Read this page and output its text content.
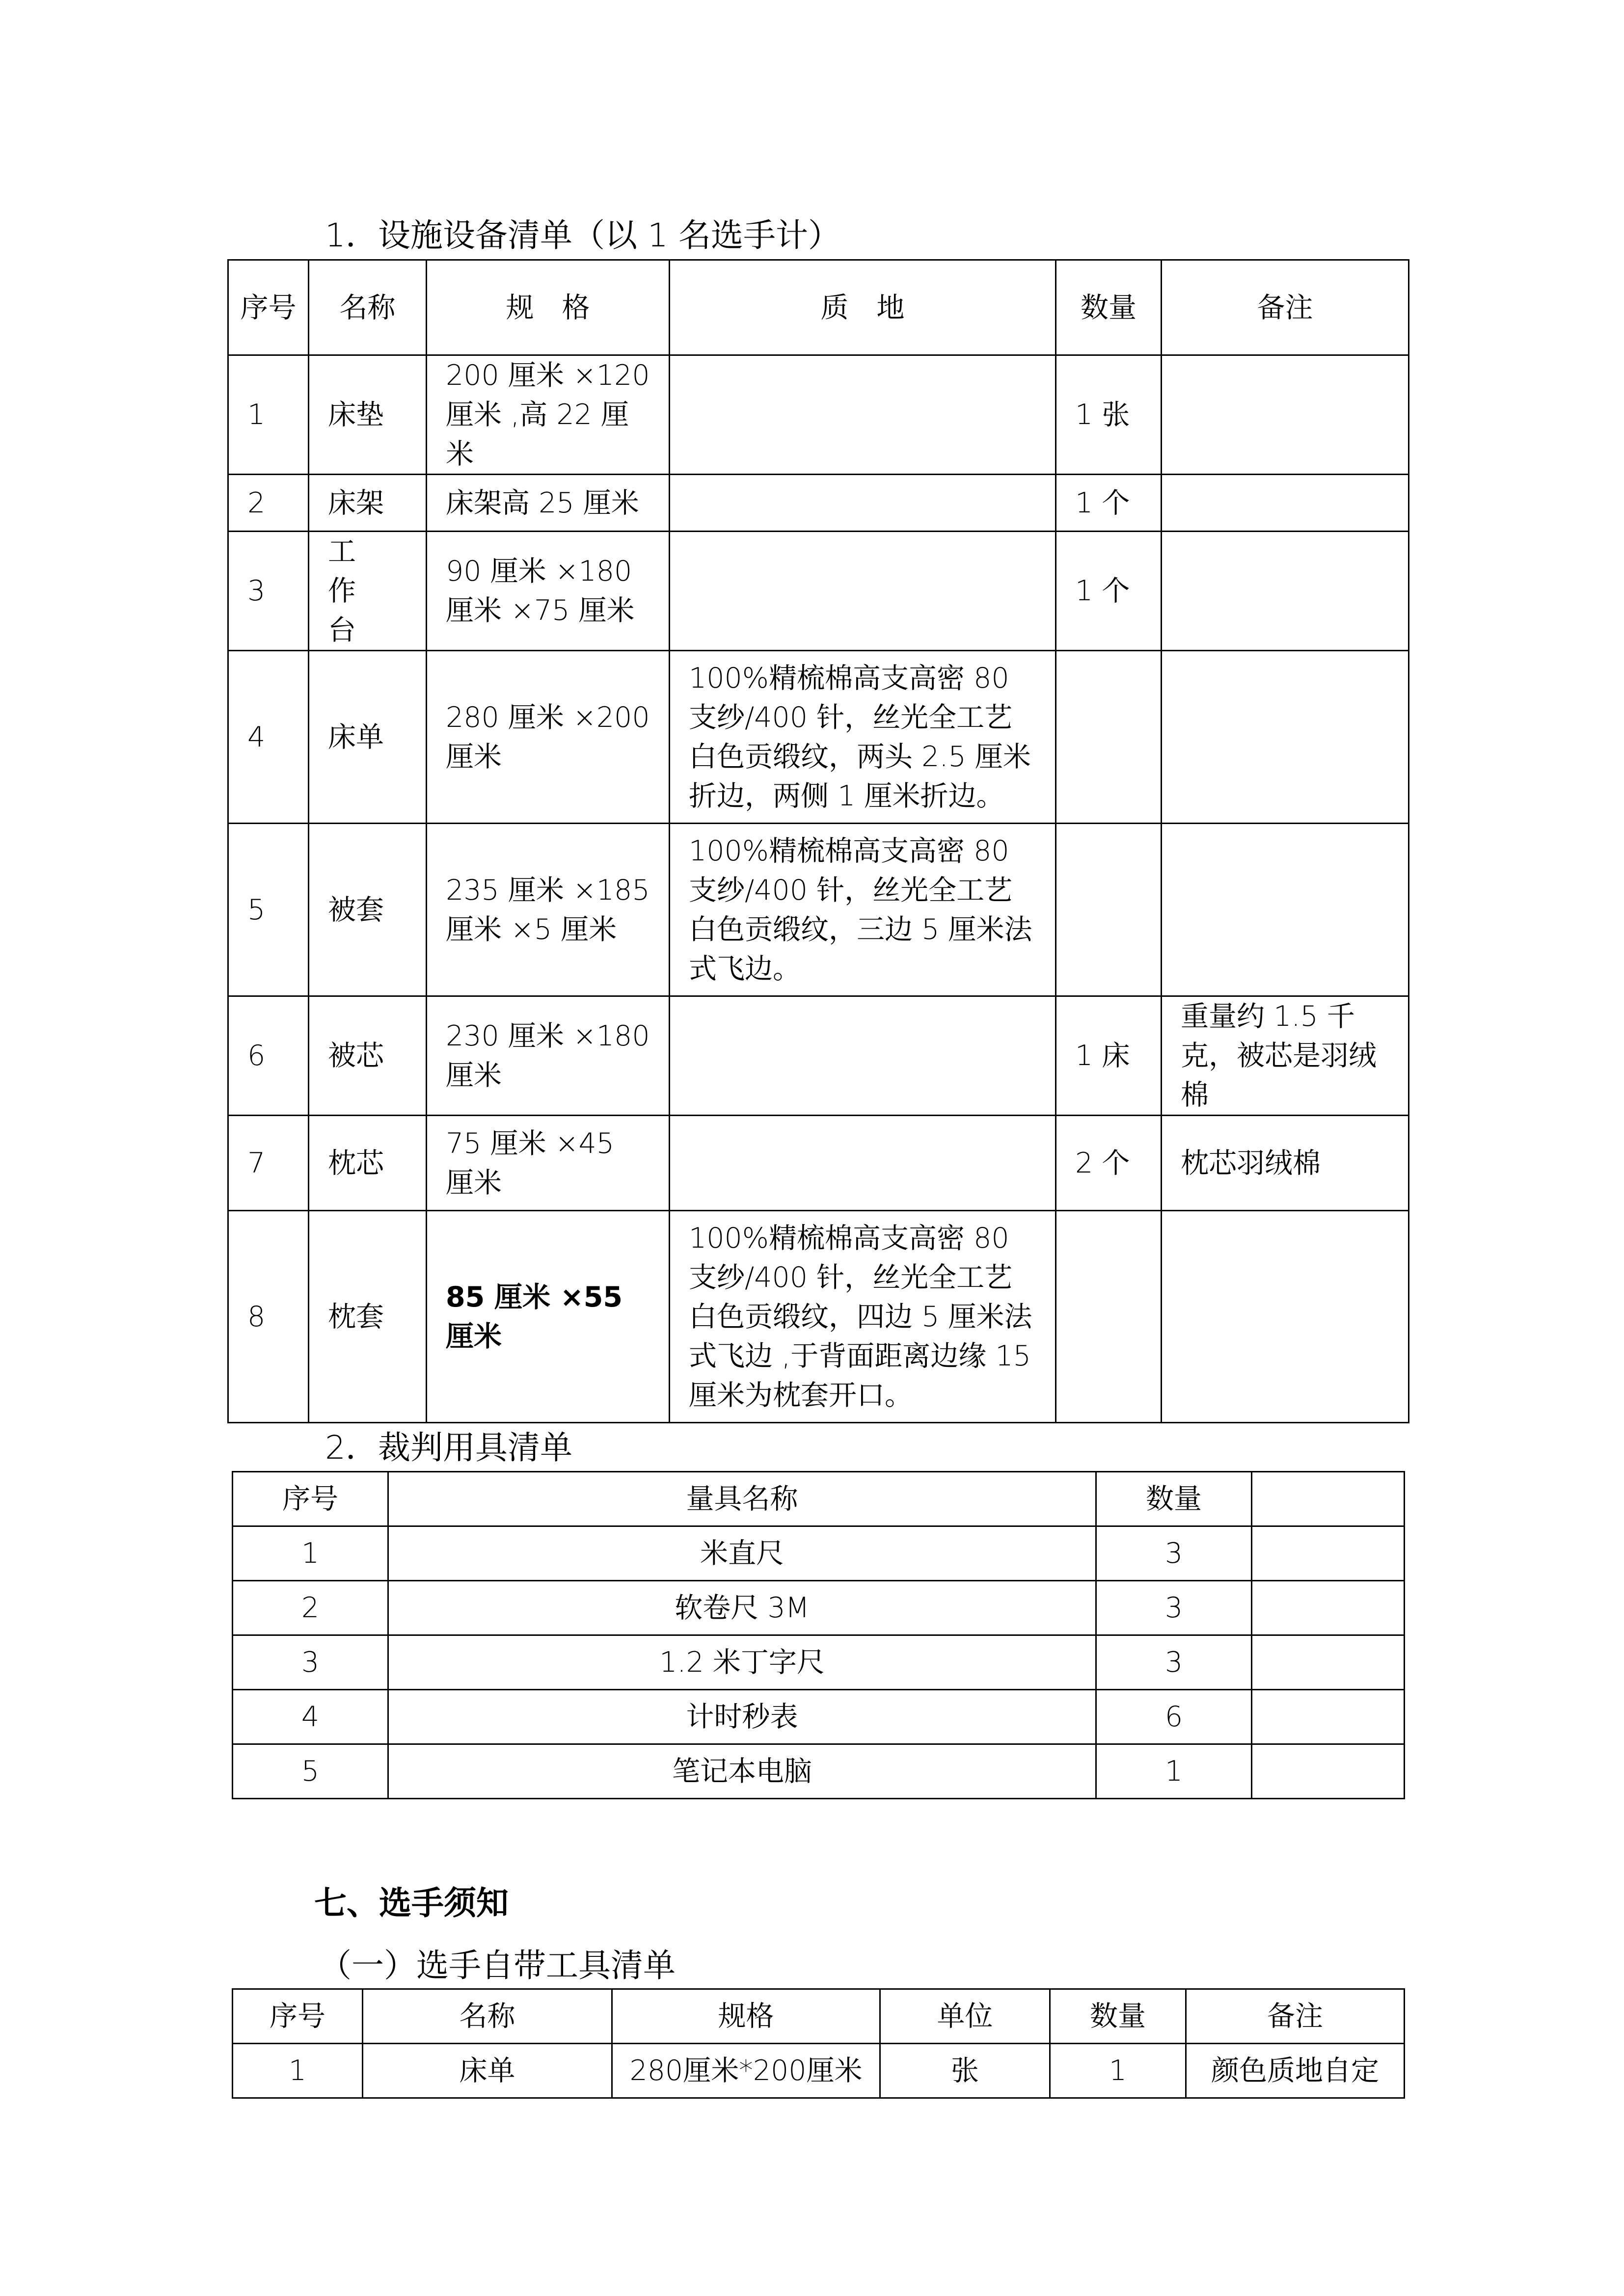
1．设施设备清单（以 1 名选手计）
序号	名称	规　格	质　地	数量	备注
1	床垫	200 厘米 ×120 厘米 ,高 22 厘米		1 张	
2	床架	床架高 25 厘米		1 个	
3	工作台	90 厘米 ×180 厘米 ×75 厘米		1 个	
4	床单	280 厘米 ×200 厘米	100%精梳棉高支高密 80 支纱/400 针，丝光全工艺白色贡缎纹，两头 2.5 厘米折边，两侧 1 厘米折边。		
5	被套	235 厘米 ×185 厘米 ×5 厘米	100%精梳棉高支高密 80 支纱/400 针，丝光全工艺白色贡缎纹，三边 5 厘米法式飞边。		
6	被芯	230 厘米 ×180 厘米		1 床	重量约 1.5 千克，被芯是羽绒棉
7	枕芯	75 厘米 ×45 厘米		2 个	枕芯羽绒棉
8	枕套	85 厘米 ×55 厘米	100%精梳棉高支高密 80 支纱/400 针，丝光全工艺白色贡缎纹，四边 5 厘米法式飞边 ,于背面距离边缘 15 厘米为枕套开口。		
2．裁判用具清单
序号	量具名称	数量	
1	米直尺	3	
2	软卷尺 3M	3	
3	1.2 米丁字尺	3	
4	计时秒表	6	
5	笔记本电脑	1	
七、选手须知
（一）选手自带工具清单
序号	名称	规格	单位	数量	备注
1	床单	280厘米*200厘米	张	1	颜色质地自定
